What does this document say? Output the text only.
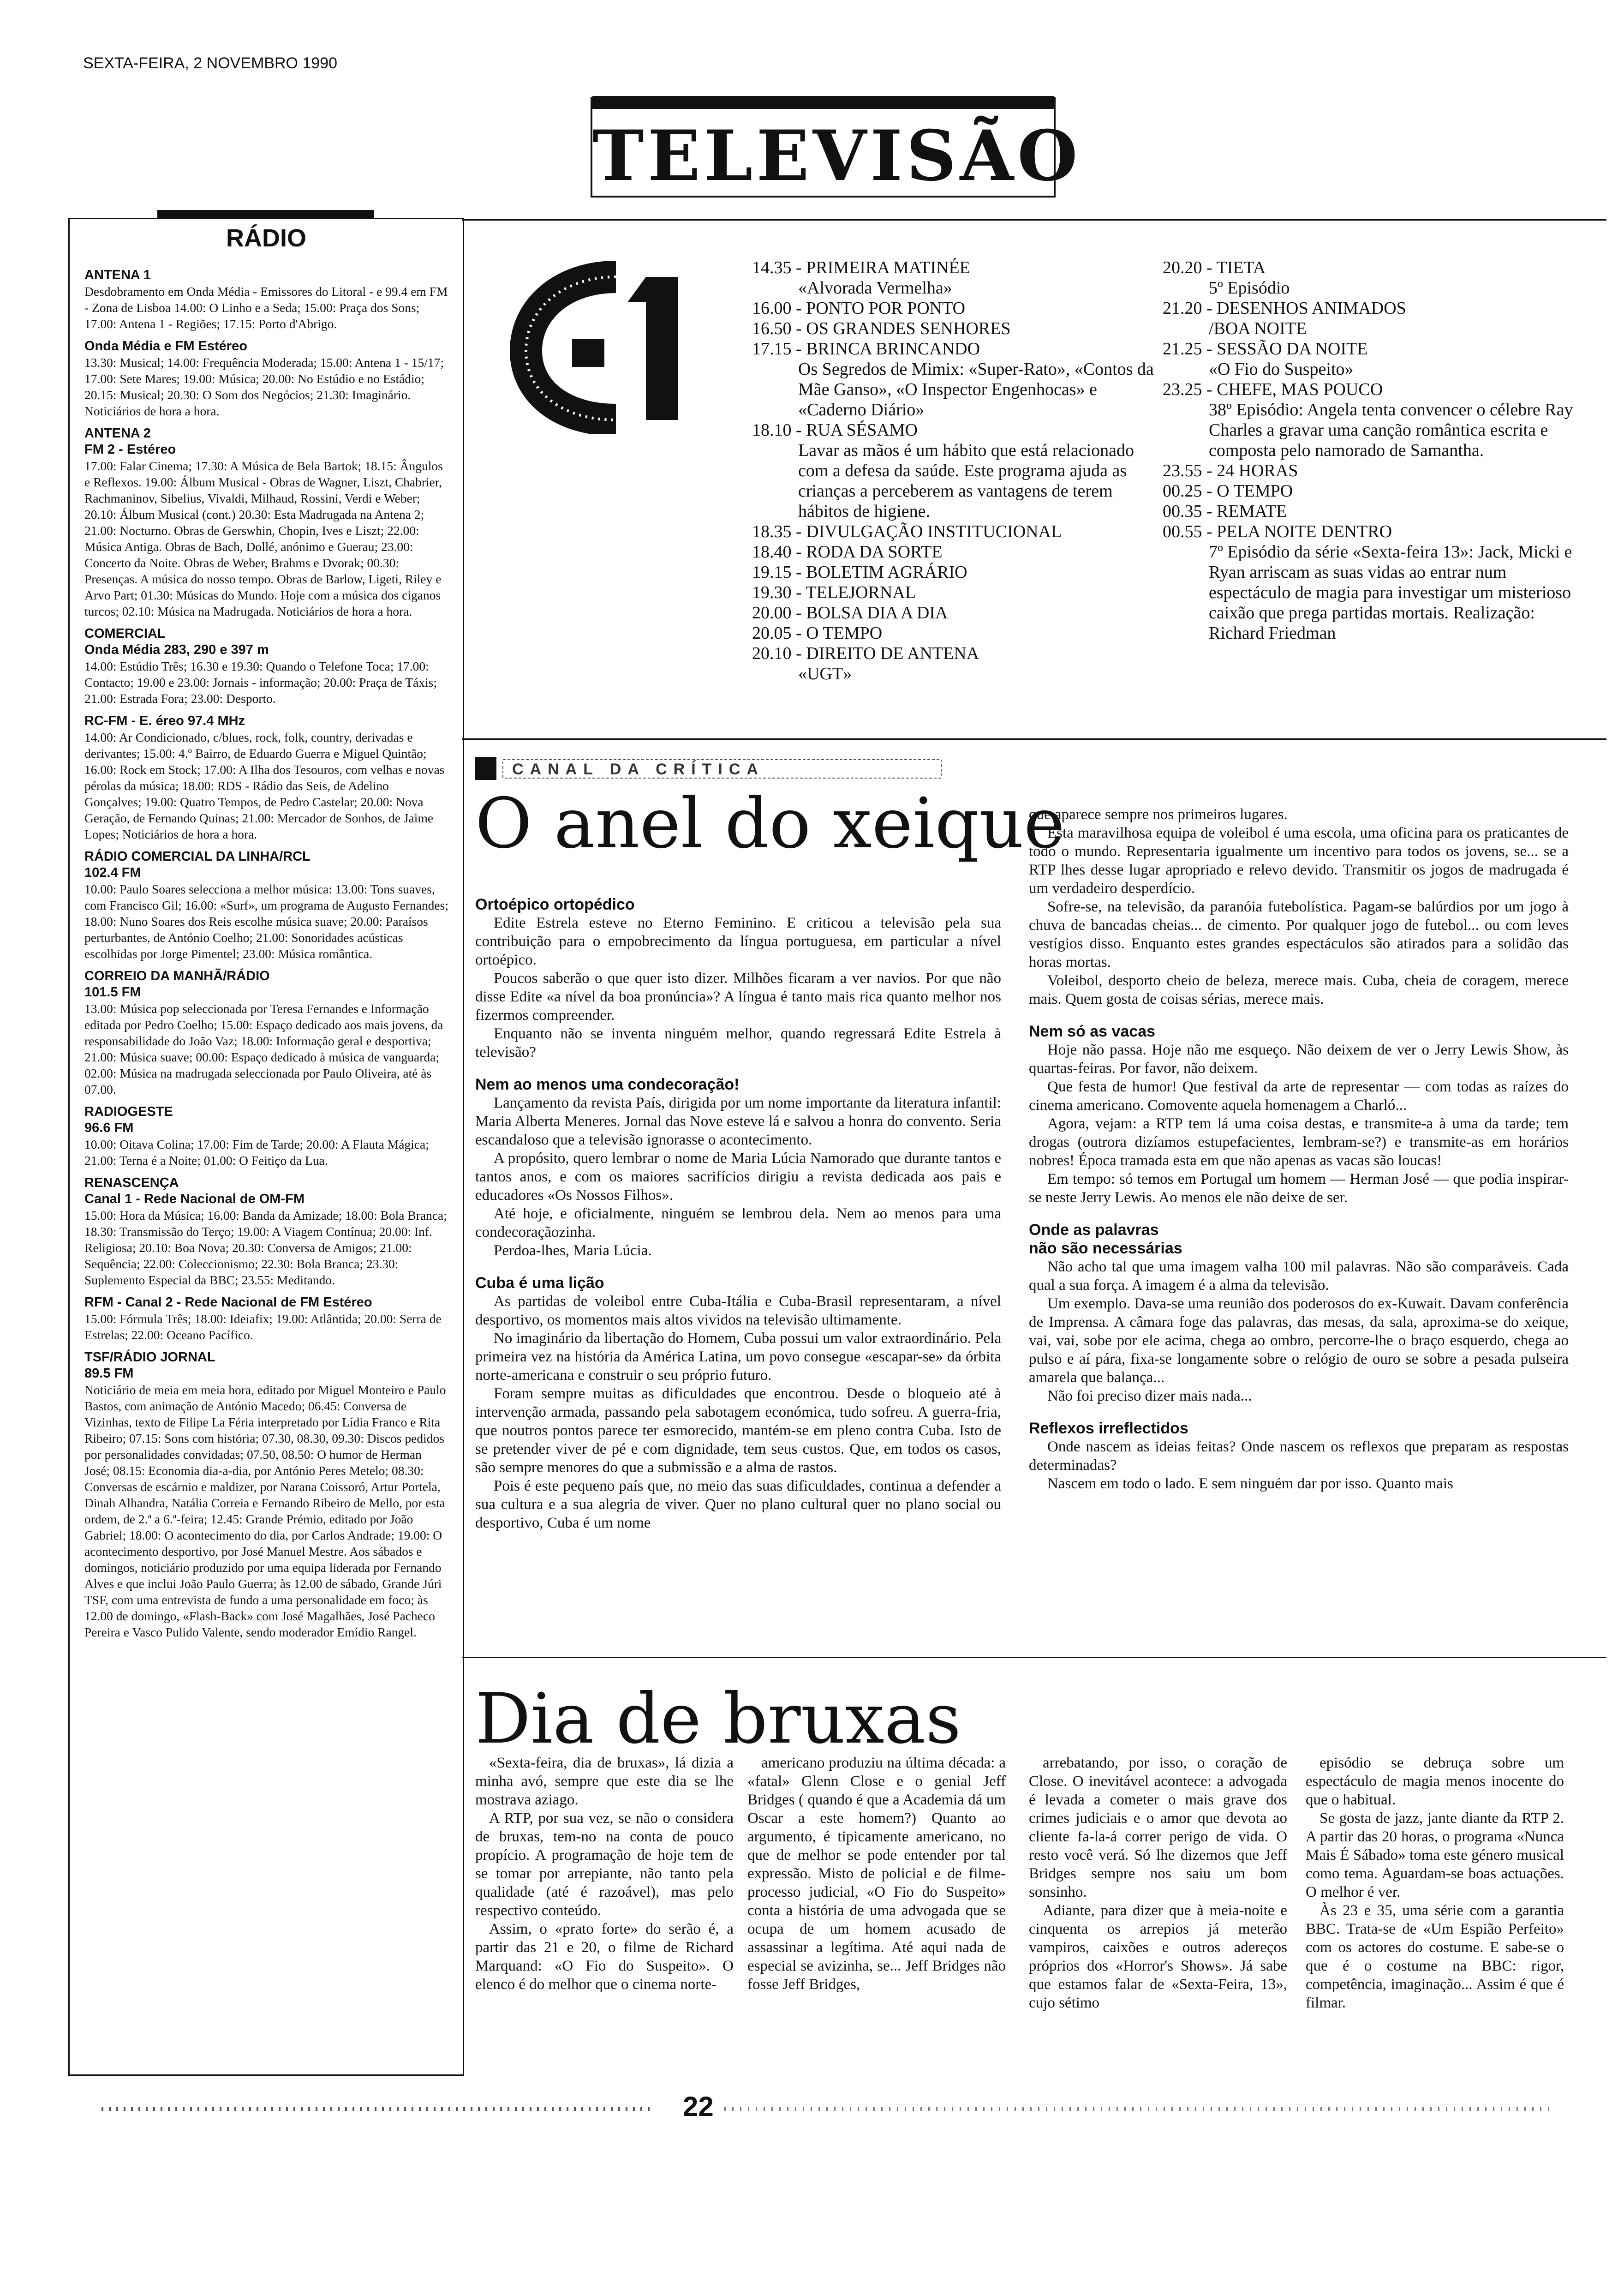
SEXTA-FEIRA, 2 NOVEMBRO 1990
TELEVISÃO
RÁDIO
ANTENA 1

Desdobramento em Onda Média - Emissores do Litoral - e 99.4 em FM - Zona de Lisboa 14.00: O Linho e a Seda; 15.00: Praça dos Sons; 17.00: Antena 1 - Regiões; 17.15: Porto d'Abrigo.

Onda Média e FM Estéreo

13.30: Musical; 14.00: Frequência Moderada; 15.00: Antena 1 - 15/17; 17.00: Sete Mares; 19.00: Música; 20.00: No Estúdio e no Estádio; 20.15: Musical; 20.30: O Som dos Negócios; 21.30: Imaginário. Noticiários de hora a hora.

ANTENA 2
FM 2 - Estéreo

17.00: Falar Cinema; 17.30: A Música de Bela Bartok; 18.15: Ângulos e Reflexos. 19.00: Álbum Musical - Obras de Wagner, Liszt, Chabrier, Rachmaninov, Sibelius, Vivaldi, Milhaud, Rossini, Verdi e Weber; 20.10: Álbum Musical (cont.) 20.30: Esta Madrugada na Antena 2; 21.00: Nocturno. Obras de Gerswhin, Chopin, Ives e Liszt; 22.00: Música Antiga. Obras de Bach, Dollé, anónimo e Guerau; 23.00: Concerto da Noite. Obras de Weber, Brahms e Dvorak; 00.30: Presenças. A música do nosso tempo. Obras de Barlow, Ligeti, Riley e Arvo Part; 01.30: Músicas do Mundo. Hoje com a música dos ciganos turcos; 02.10: Música na Madrugada. Noticiários de hora a hora.

COMERCIAL
Onda Média 283, 290 e 397 m

14.00: Estúdio Três; 16.30 e 19.30: Quando o Telefone Toca; 17.00: Contacto; 19.00 e 23.00: Jornais - informação; 20.00: Praça de Táxis; 21.00: Estrada Fora; 23.00: Desporto.

RC-FM - E. éreo 97.4 MHz

14.00: Ar Condicionado, c/blues, rock, folk, country, derivadas e derivantes; 15.00: 4.º Bairro, de Eduardo Guerra e Miguel Quintão; 16.00: Rock em Stock; 17.00: A Ilha dos Tesouros, com velhas e novas pérolas da música; 18.00: RDS - Rádio das Seis, de Adelino Gonçalves; 19.00: Quatro Tempos, de Pedro Castelar; 20.00: Nova Geração, de Fernando Quinas; 21.00: Mercador de Sonhos, de Jaime Lopes; Noticiários de hora a hora.

RÁDIO COMERCIAL DA LINHA/RCL
102.4 FM

10.00: Paulo Soares selecciona a melhor música: 13.00: Tons suaves, com Francisco Gil; 16.00: «Surf», um programa de Augusto Fernandes; 18.00: Nuno Soares dos Reis escolhe música suave; 20.00: Paraísos perturbantes, de António Coelho; 21.00: Sonoridades acústicas escolhidas por Jorge Pimentel; 23.00: Música romântica.

CORREIO DA MANHÃ/RÁDIO
101.5 FM

13.00: Música pop seleccionada por Teresa Fernandes e Informação editada por Pedro Coelho; 15.00: Espaço dedicado aos mais jovens, da responsabilidade do João Vaz; 18.00: Informação geral e desportiva; 21.00: Música suave; 00.00: Espaço dedicado à música de vanguarda; 02.00: Música na madrugada seleccionada por Paulo Oliveira, até às 07.00.

RADIOGESTE
96.6 FM

10.00: Oitava Colina; 17.00: Fim de Tarde; 20.00: A Flauta Mágica; 21.00: Terna é a Noite; 01.00: O Feitiço da Lua.

RENASCENÇA
Canal 1 - Rede Nacional de OM-FM

15.00: Hora da Música; 16.00: Banda da Amizade; 18.00: Bola Branca; 18.30: Transmissão do Terço; 19.00: A Viagem Contínua; 20.00: Inf. Religiosa; 20.10: Boa Nova; 20.30: Conversa de Amigos; 21.00: Sequência; 22.00: Coleccionismo; 22.30: Bola Branca; 23.30: Suplemento Especial da BBC; 23.55: Meditando.

RFM - Canal 2 - Rede Nacional de FM Estéreo

15.00: Fórmula Três; 18.00: Ideiafix; 19.00: Atlântida; 20.00: Serra de Estrelas; 22.00: Oceano Pacífico.

TSF/RÁDIO JORNAL
89.5 FM

Noticiário de meia em meia hora, editado por Miguel Monteiro e Paulo Bastos, com animação de António Macedo; 06.45: Conversa de Vizinhas, texto de Filipe La Féria interpretado por Lídia Franco e Rita Ribeiro; 07.15: Sons com história; 07.30, 08.30, 09.30: Discos pedidos por personalidades convidadas; 07.50, 08.50: O humor de Herman José; 08.15: Economia dia-a-dia, por António Peres Metelo; 08.30: Conversas de escárnio e maldizer, por Narana Coissoró, Artur Portela, Dinah Alhandra, Natália Correia e Fernando Ribeiro de Mello, por esta ordem, de 2.ª a 6.ª-feira; 12.45: Grande Prémio, editado por João Gabriel; 18.00: O acontecimento do dia, por Carlos Andrade; 19.00: O acontecimento desportivo, por José Manuel Mestre. Aos sábados e domingos, noticiário produzido por uma equipa liderada por Fernando Alves e que inclui João Paulo Guerra; às 12.00 de sábado, Grande Júri TSF, com uma entrevista de fundo a uma personalidade em foco; às 12.00 de domingo, «Flash-Back» com José Magalhães, José Pacheco Pereira e Vasco Pulido Valente, sendo moderador Emídio Rangel.

C1

14.35 - PRIMEIRA MATINÉE

«Alvorada Vermelha»

16.00 - PONTO POR PONTO

16.50 - OS GRANDES SENHORES

17.15 - BRINCA BRINCANDO

Os Segredos de Mimix: «Super-Rato», «Contos da Mãe Ganso», «O Inspector Engenhocas» e «Caderno Diário»

18.10 - RUA SÉSAMO

Lavar as mãos é um hábito que está relacionado com a defesa da saúde. Este programa ajuda as crianças a perceberem as vantagens de terem hábitos de higiene.

18.35 - DIVULGAÇÃO INSTITUCIONAL

18.40 - RODA DA SORTE

19.15 - BOLETIM AGRÁRIO

19.30 - TELEJORNAL

20.00 - BOLSA DIA A DIA

20.05 - O TEMPO

20.10 - DIREITO DE ANTENA

«UGT»

20.20 - TIETA

5º Episódio

21.20 - DESENHOS ANIMADOS

/BOA NOITE

21.25 - SESSÃO DA NOITE

«O Fio do Suspeito»

23.25 - CHEFE, MAS POUCO

38º Episódio: Angela tenta convencer o célebre Ray Charles a gravar uma canção romântica escrita e composta pelo namorado de Samantha.

23.55 - 24 HORAS

00.25 - O TEMPO

00.35 - REMATE

00.55 - PELA NOITE DENTRO

7º Episódio da série «Sexta-feira 13»: Jack, Micki e Ryan arriscam as suas vidas ao entrar num espectáculo de magia para investigar um misterioso caixão que prega partidas mortais. Realização: Richard Friedman

CANAL DA CRÍTICA
O anel do xeique

Ortoépico ortopédico

Edite Estrela esteve no Eterno Feminino. E criticou a televisão pela sua contribuição para o empobrecimento da língua portuguesa, em particular a nível ortoépico.

Poucos saberão o que quer isto dizer. Milhões ficaram a ver navios. Por que não disse Edite «a nível da boa pronúncia»? A língua é tanto mais rica quanto melhor nos fizermos compreender.

Enquanto não se inventa ninguém melhor, quando regressará Edite Estrela à televisão?

Nem ao menos uma condecoração!

Lançamento da revista País, dirigida por um nome importante da literatura infantil: Maria Alberta Meneres. Jornal das Nove esteve lá e salvou a honra do convento. Seria escandaloso que a televisão ignorasse o acontecimento.

A propósito, quero lembrar o nome de Maria Lúcia Namorado que durante tantos e tantos anos, e com os maiores sacrifícios dirigiu a revista dedicada aos pais e educadores «Os Nossos Filhos».

Até hoje, e oficialmente, ninguém se lembrou dela. Nem ao menos para uma condecoraçãozinha.

Perdoa-lhes, Maria Lúcia.

Cuba é uma lição

As partidas de voleibol entre Cuba-Itália e Cuba-Brasil representaram, a nível desportivo, os momentos mais altos vividos na televisão ultimamente.

No imaginário da libertação do Homem, Cuba possui um valor extraordinário. Pela primeira vez na história da América Latina, um povo consegue «escapar-se» da órbita norte-americana e construir o seu próprio futuro.

Foram sempre muitas as dificuldades que encontrou. Desde o bloqueio até à intervenção armada, passando pela sabotagem económica, tudo sofreu. A guerra-fria, que noutros pontos parece ter esmorecido, mantém-se em pleno contra Cuba. Isto de se pretender viver de pé e com dignidade, tem seus custos. Que, em todos os casos, são sempre menores do que a submissão e a alma de rastos.

Pois é este pequeno país que, no meio das suas dificuldades, continua a defender a sua cultura e a sua alegria de viver. Quer no plano cultural quer no plano social ou desportivo, Cuba é um nome

que aparece sempre nos primeiros lugares.

Esta maravilhosa equipa de voleibol é uma escola, uma oficina para os praticantes de todo o mundo. Representaria igualmente um incentivo para todos os jovens, se... se a RTP lhes desse lugar apropriado e relevo devido. Transmitir os jogos de madrugada é um verdadeiro desperdício.

Sofre-se, na televisão, da paranóia futebolística. Pagam-se balúrdios por um jogo à chuva de bancadas cheias... de cimento. Por qualquer jogo de futebol... ou com leves vestígios disso. Enquanto estes grandes espectáculos são atirados para a solidão das horas mortas.

Voleibol, desporto cheio de beleza, merece mais. Cuba, cheia de coragem, merece mais. Quem gosta de coisas sérias, merece mais.

Nem só as vacas

Hoje não passa. Hoje não me esqueço. Não deixem de ver o Jerry Lewis Show, às quartas-feiras. Por favor, não deixem.

Que festa de humor! Que festival da arte de representar — com todas as raízes do cinema americano. Comovente aquela homenagem a Charló...

Agora, vejam: a RTP tem lá uma coisa destas, e transmite-a à uma da tarde; tem drogas (outrora dizíamos estupefacientes, lembram-se?) e transmite-as em horários nobres! Época tramada esta em que não apenas as vacas são loucas!

Em tempo: só temos em Portugal um homem — Herman José — que podia inspirar-se neste Jerry Lewis. Ao menos ele não deixe de ser.

Onde as palavras

não são necessárias

Não acho tal que uma imagem valha 100 mil palavras. Não são comparáveis. Cada qual a sua força. A imagem é a alma da televisão.

Um exemplo. Dava-se uma reunião dos poderosos do ex-Kuwait. Davam conferência de Imprensa. A câmara foge das palavras, das mesas, da sala, aproxima-se do xeique, vai, vai, sobe por ele acima, chega ao ombro, percorre-lhe o braço esquerdo, chega ao pulso e aí pára, fixa-se longamente sobre o relógio de ouro se sobre a pesada pulseira amarela que balança...

Não foi preciso dizer mais nada...

Reflexos irreflectidos

Onde nascem as ideias feitas? Onde nascem os reflexos que preparam as respostas determinadas?

Nascem em todo o lado. E sem ninguém dar por isso. Quanto mais

Dia de bruxas

«Sexta-feira, dia de bruxas», lá dizia a minha avó, sempre que este dia se lhe mostrava aziago.

A RTP, por sua vez, se não o considera de bruxas, tem-no na conta de pouco propício. A programação de hoje tem de se tomar por arrepiante, não tanto pela qualidade (até é razoável), mas pelo respectivo conteúdo.

Assim, o «prato forte» do serão é, a partir das 21 e 20, o filme de Richard Marquand: «O Fio do Suspeito». O elenco é do melhor que o cinema norte-

americano produziu na última década: a «fatal» Glenn Close e o genial Jeff Bridges ( quando é que a Academia dá um Oscar a este homem?) Quanto ao argumento, é tipicamente americano, no que de melhor se pode entender por tal expressão. Misto de policial e de filme-processo judicial, «O Fio do Suspeito» conta a história de uma advogada que se ocupa de um homem acusado de assassinar a legítima. Até aqui nada de especial se avizinha, se... Jeff Bridges não fosse Jeff Bridges,

arrebatando, por isso, o coração de Close. O inevitável acontece: a advogada é levada a cometer o mais grave dos crimes judiciais e o amor que devota ao cliente fa-la-á correr perigo de vida. O resto você verá. Só lhe dizemos que Jeff Bridges sempre nos saiu um bom sonsinho.

Adiante, para dizer que à meia-noite e cinquenta os arrepios já meterão vampiros, caixões e outros adereços próprios dos «Horror's Shows». Já sabe que estamos falar de «Sexta-Feira, 13», cujo sétimo

episódio se debruça sobre um espectáculo de magia menos inocente do que o habitual.

Se gosta de jazz, jante diante da RTP 2. A partir das 20 horas, o programa «Nunca Mais É Sábado» toma este género musical como tema. Aguardam-se boas actuações. O melhor é ver.

Às 23 e 35, uma série com a garantia BBC. Trata-se de «Um Espião Perfeito» com os actores do costume. E sabe-se o que é o costume na BBC: rigor, competência, imaginação... Assim é que é filmar.

22
